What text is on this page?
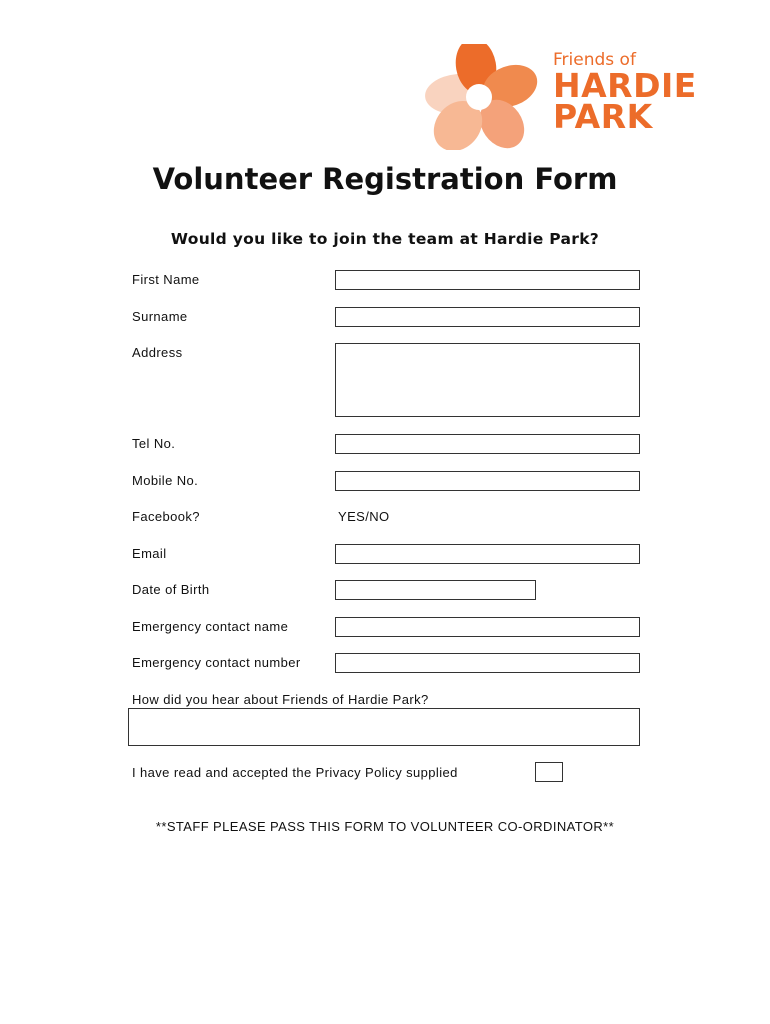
Friends of
HARDIE
PARK
Volunteer Registration Form
Would you like to join the team at Hardie Park?
First Name
Surname
Address
Tel No.
Mobile No.
Facebook?	YES/NO
Email
Date of Birth
Emergency contact name
Emergency contact number
How did you hear about Friends of Hardie Park?
I have read and accepted the Privacy Policy supplied
**STAFF PLEASE PASS THIS FORM TO VOLUNTEER CO-ORDINATOR**
